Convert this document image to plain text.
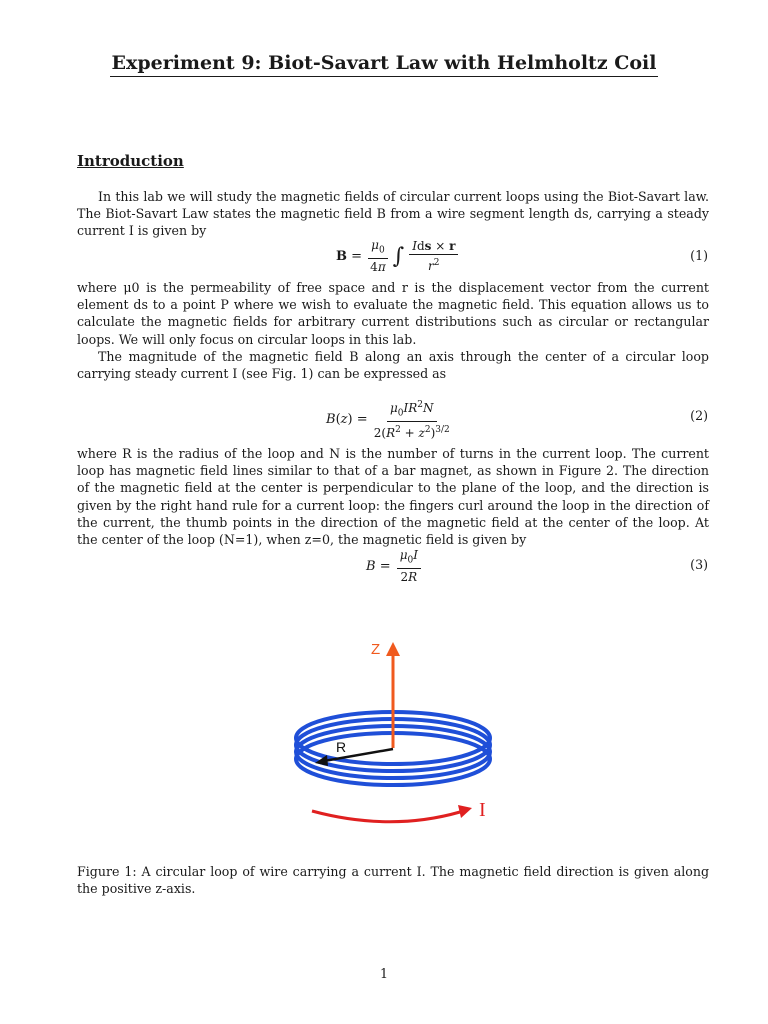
Experiment 9: Biot-Savart Law with Helmholtz Coil
Introduction
In this lab we will study the magnetic fields of circular current loops using the Biot-Savart law. The Biot-Savart Law states the magnetic field B from a wire segment length ds, carrying a steady current I is given by
$B = \frac{\mu_0}{4\pi}$ ∫ $\frac{\text{Ids × r}}{r^2}$	(1)
where μ0 is the permeability of free space and r is the displacement vector from the current element ds to a point P where we wish to evaluate the magnetic field. This equation allows us to calculate the magnetic fields for arbitrary current distributions such as circular or rectangular loops. We will only focus on circular loops in this lab.
The magnitude of the magnetic field B along an axis through the center of a circular loop carrying steady current I (see Fig. 1) can be expressed as
B ( z ) = $\frac{\mu_0IR^2N}{2(R^2 + z^2)^{3/2}}$	(2)
where R is the radius of the loop and N is the number of turns in the current loop. The current loop has magnetic field lines similar to that of a bar magnet, as shown in Figure 2. The direction of the magnetic field at the center is perpendicular to the plane of the loop, and the direction is given by the right hand rule for a current loop: the fingers curl around the loop in the direction of the current, the thumb points in the direction of the magnetic field at the center of the loop. At the center of the loop (N=1), when z=0, the magnetic field is given by
$B = \frac{\mu_0I}{2R}$	(3)
Z
R
I
Figure 1: A circular loop of wire carrying a current I. The magnetic field direction is given along the positive z-axis.
1
